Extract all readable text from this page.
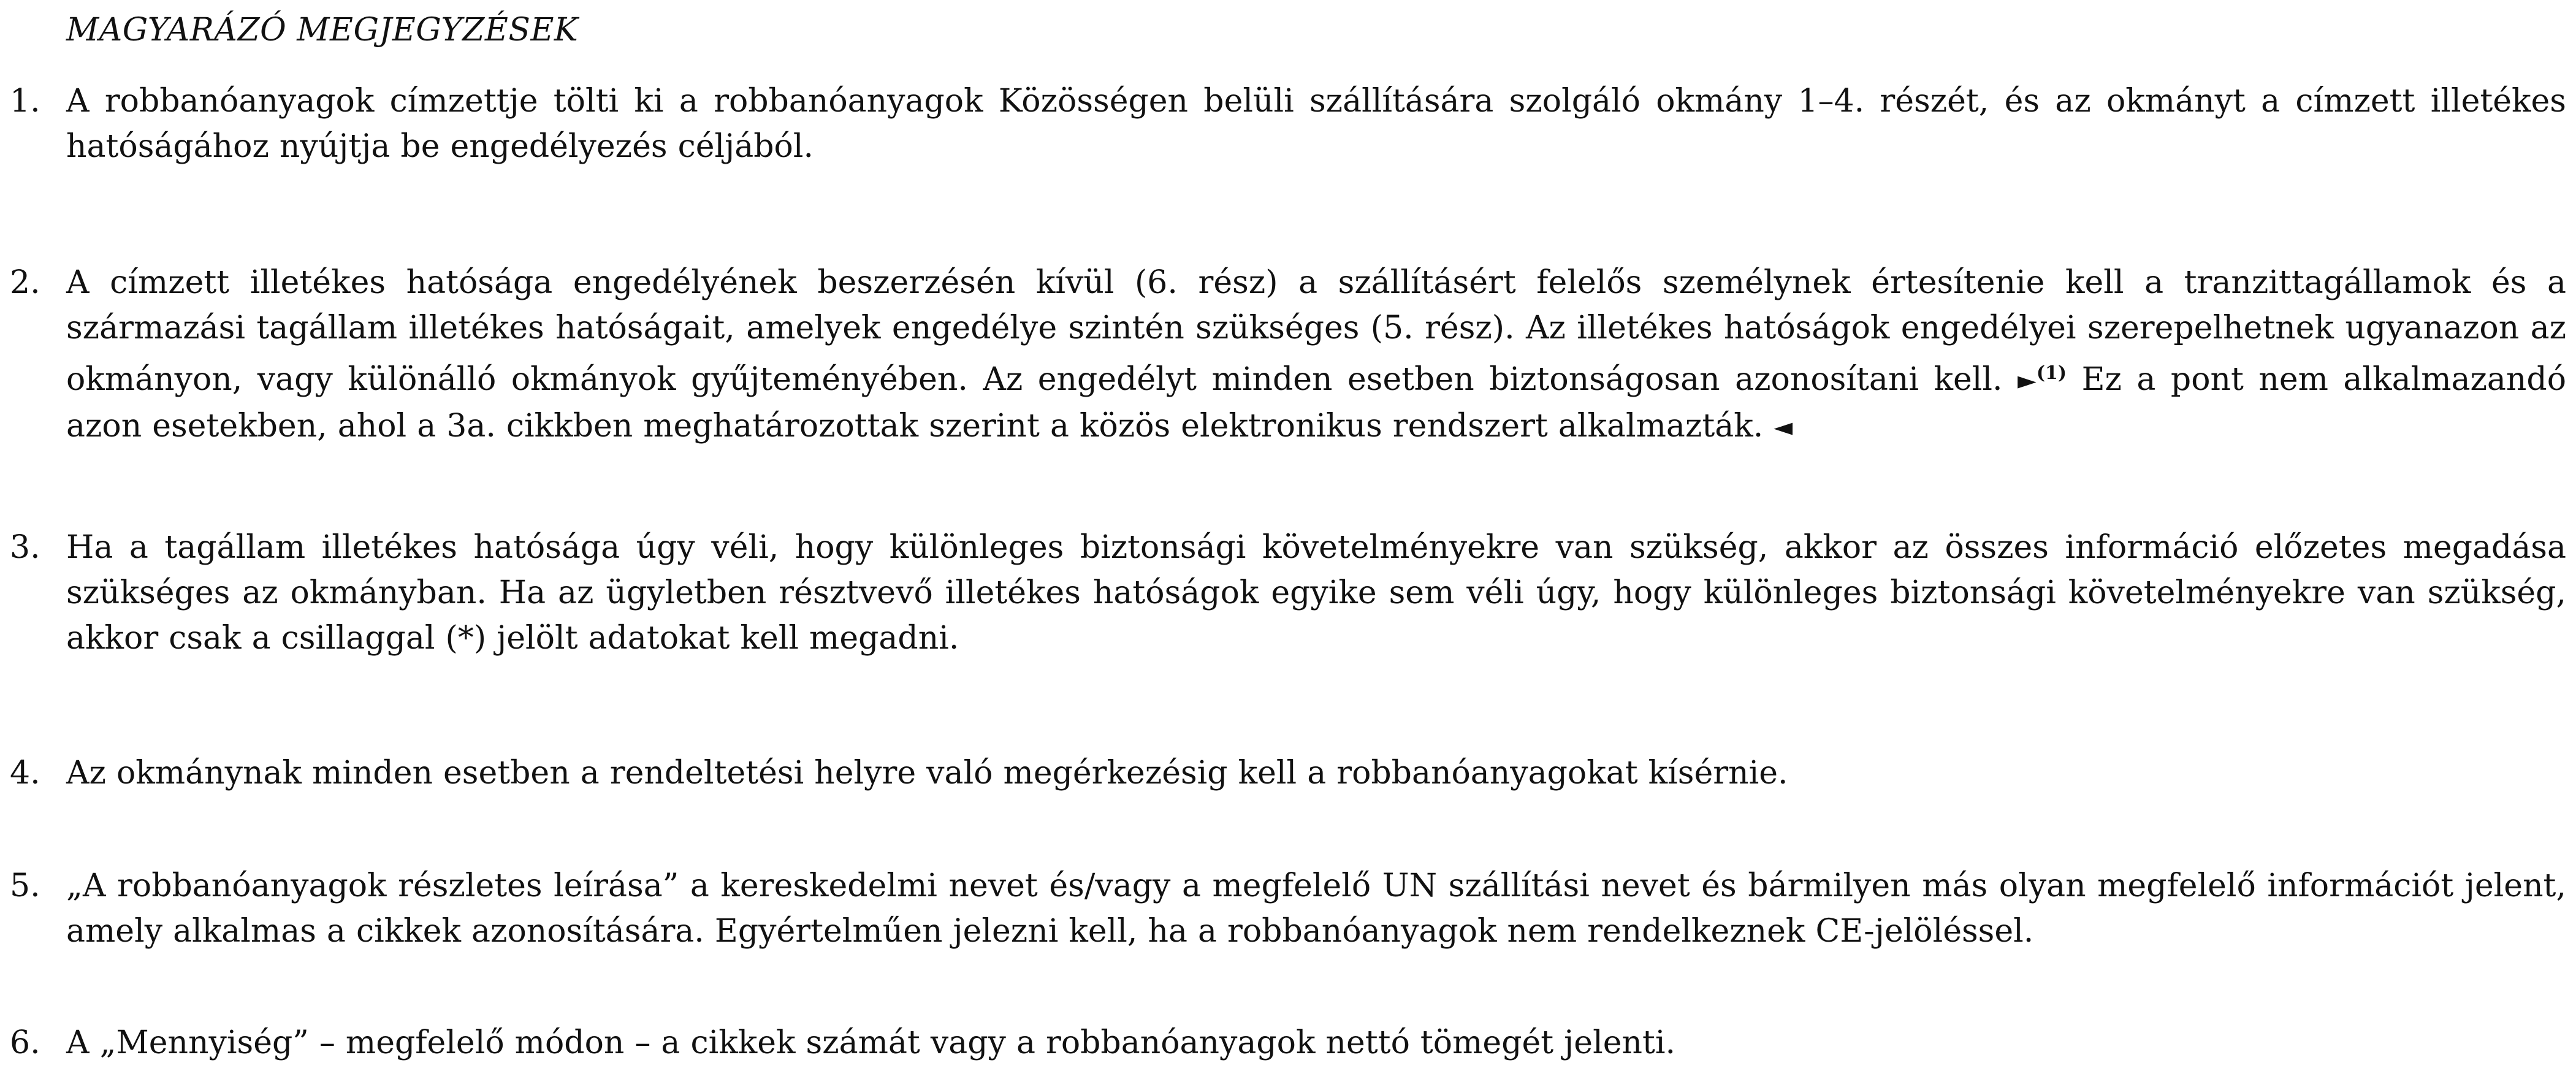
MAGYARÁZÓ MEGJEGYZÉSEK
1. A robbanóanyagok címzettje tölti ki a robbanóanyagok Közösségen belüli szállítására szolgáló okmány 1–4. részét, és az okmányt a címzett illetékes hatóságához nyújtja be engedélyezés céljából.
2. A címzett illetékes hatósága engedélyének beszerzésén kívül (6. rész) a szállításért felelős személynek értesítenie kell a tranzittagállamok és a származási tagállam illetékes hatóságait, amelyek engedélye szintén szükséges (5. rész). Az illetékes hatóságok engedélyei szerepelhetnek ugyanazon az okmányon, vagy különálló okmányok gyűjteményében. Az engedélyt minden esetben biztonságosan azonosítani kell. ►$^{(1)}$ Ez a pont nem alkalmazandó azon esetekben, ahol a 3a. cikkben meghatározottak szerint a közös elektronikus rendszert alkalmazták. ◄
3. Ha a tagállam illetékes hatósága úgy véli, hogy különleges biztonsági követelményekre van szükség, akkor az összes információ előzetes megadása szükséges az okmányban. Ha az ügyletben résztvevő illetékes hatóságok egyike sem véli úgy, hogy különleges biztonsági követelményekre van szükség, akkor csak a csillaggal (*) jelölt adatokat kell megadni.
4. Az okmánynak minden esetben a rendeltetési helyre való megérkezésig kell a robbanóanyagokat kísérnie.
5. „A robbanóanyagok részletes leírása” a kereskedelmi nevet és/vagy a megfelelő UN szállítási nevet és bármilyen más olyan megfelelő információt jelent, amely alkalmas a cikkek azonosítására. Egyértelműen jelezni kell, ha a robbanóanyagok nem rendelkeznek CE-jelöléssel.
6. A „Mennyiség” – megfelelő módon – a cikkek számát vagy a robbanóanyagok nettó tömegét jelenti.
